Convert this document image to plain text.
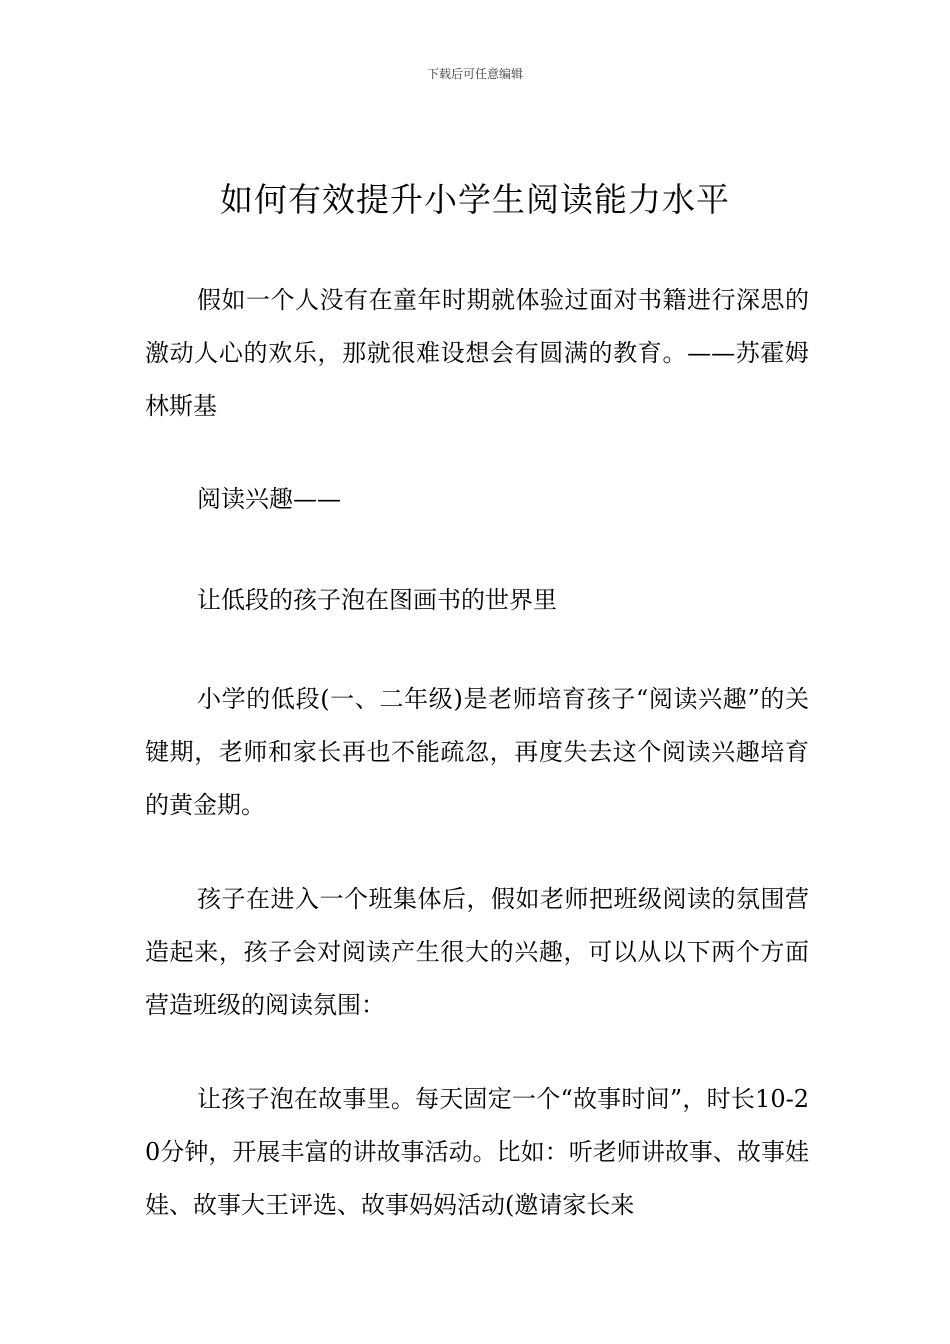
下载后可任意编辑
如何有效提升小学生阅读能力水平

假如一个人没有在童年时期就体验过面对书籍进行深思的激动人心的欢乐，那就很难设想会有圆满的教育。——苏霍姆林斯基

阅读兴趣——

让低段的孩子泡在图画书的世界里

小学的低段(一、二年级)是老师培育孩子“阅读兴趣”的关键期，老师和家长再也不能疏忽，再度失去这个阅读兴趣培育的黄金期。

孩子在进入一个班集体后，假如老师把班级阅读的氛围营造起来，孩子会对阅读产生很大的兴趣，可以从以下两个方面营造班级的阅读氛围：

让孩子泡在故事里。每天固定一个“故事时间”，时长10-20分钟，开展丰富的讲故事活动。比如：听老师讲故事、故事娃娃、故事大王评选、故事妈妈活动(邀请家长来
